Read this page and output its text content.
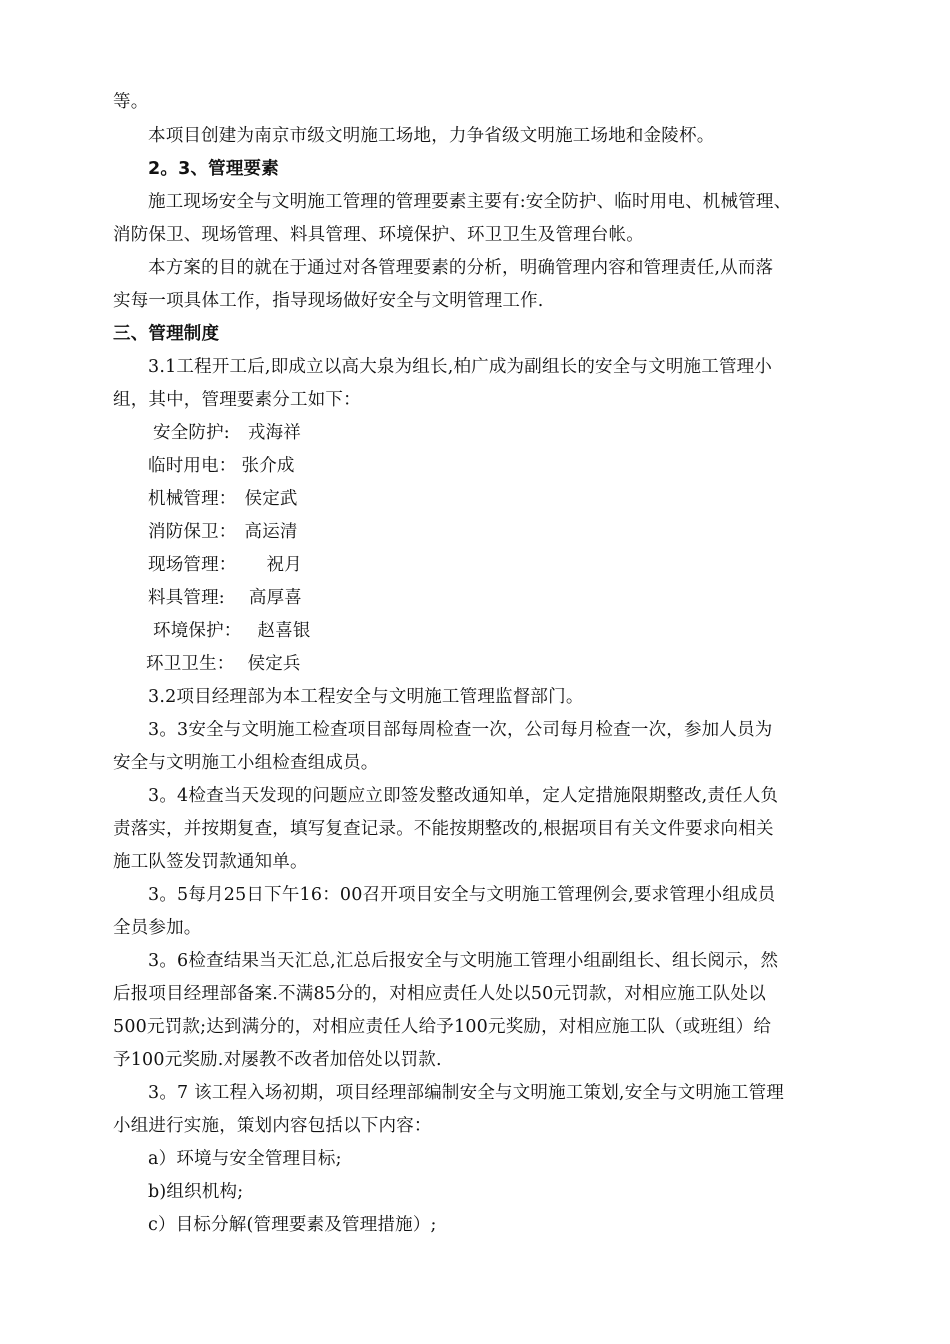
等。
本项目创建为南京市级文明施工场地，力争省级文明施工场地和金陵杯。
2。3、管理要素
施工现场安全与文明施工管理的管理要素主要有:安全防护、临时用电、机械管理、
消防保卫、现场管理、料具管理、环境保护、环卫卫生及管理台帐。
本方案的目的就在于通过对各管理要素的分析，明确管理内容和管理责任,从而落
实每一项具体工作，指导现场做好安全与文明管理工作.
三、管理制度
3.1工程开工后,即成立以高大泉为组长,柏广成为副组长的安全与文明施工管理小
组，其中，管理要素分工如下：
安全防护: 戎海祥
临时用电： 张介成
机械管理： 侯定武
消防保卫： 高运清
现场管理： 祝月
料具管理: 高厚喜
环境保护： 赵喜银
环卫卫生： 侯定兵
3.2项目经理部为本工程安全与文明施工管理监督部门。
3。3安全与文明施工检查项目部每周检查一次，公司每月检查一次，参加人员为
安全与文明施工小组检查组成员。
3。4检查当天发现的问题应立即签发整改通知单，定人定措施限期整改,责任人负
责落实，并按期复查，填写复查记录。不能按期整改的,根据项目有关文件要求向相关
施工队签发罚款通知单。
3。5每月25日下午16：00召开项目安全与文明施工管理例会,要求管理小组成员
全员参加。
3。6检查结果当天汇总,汇总后报安全与文明施工管理小组副组长、组长阅示，然
后报项目经理部备案.不满85分的，对相应责任人处以50元罚款，对相应施工队处以
500元罚款;达到满分的，对相应责任人给予100元奖励，对相应施工队（或班组）给
予100元奖励.对屡教不改者加倍处以罚款.
3。7 该工程入场初期，项目经理部编制安全与文明施工策划,安全与文明施工管理
小组进行实施，策划内容包括以下内容：
a）环境与安全管理目标;
b)组织机构;
c）目标分解(管理要素及管理措施）;
